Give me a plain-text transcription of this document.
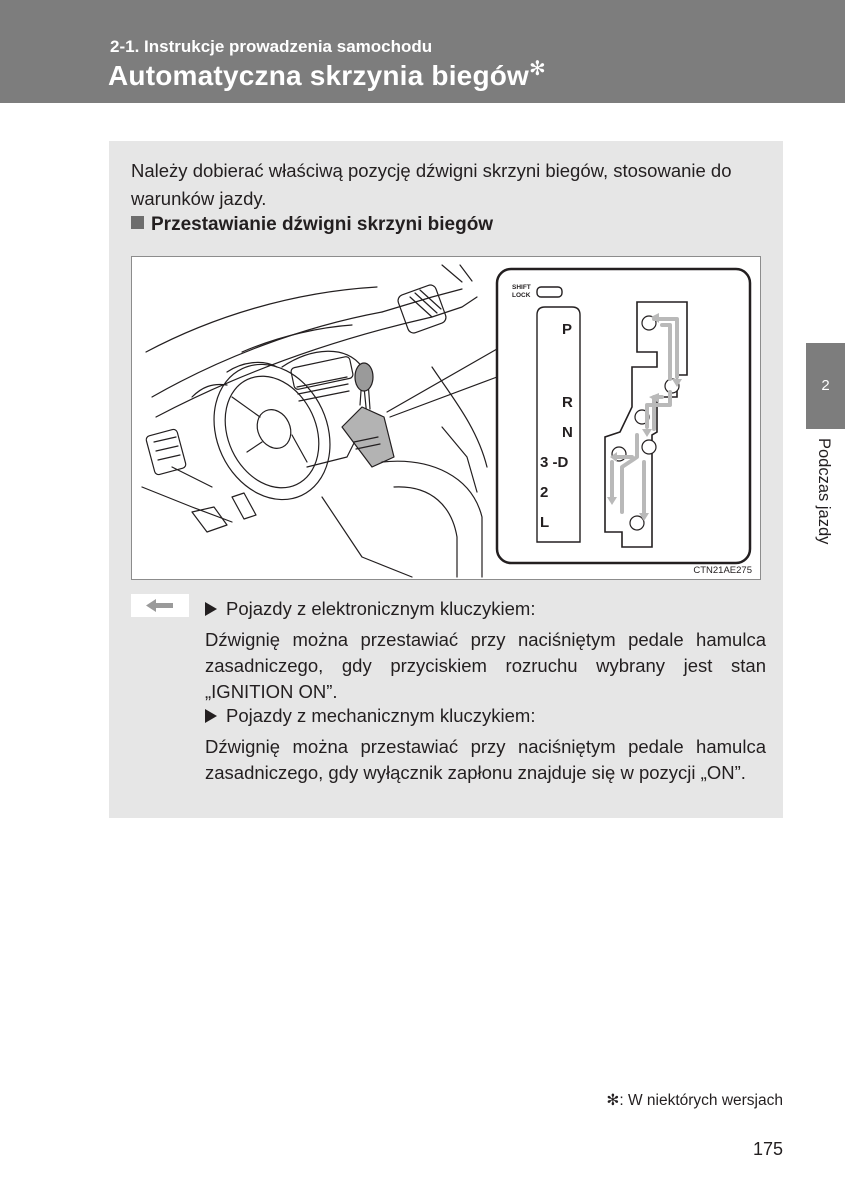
2-1. Instrukcje prowadzenia samochodu
Automatyczna skrzynia biegów✻
2
Podczas jazdy
Należy dobierać właściwą pozycję dźwigni skrzyni biegów, stosowanie do warunków jazdy.
Przestawianie dźwigni skrzyni biegów
SHIFT
LOCK
P
R
N
3 -D
2
L
CTN21AE275
Pojazdy z elektronicznym kluczykiem:
Dźwignię można przestawiać przy naciśniętym pedale hamulca zasadniczego, gdy przyciskiem rozruchu wybrany jest stan „IGNITION ON”.
Pojazdy z mechanicznym kluczykiem:
Dźwignię można przestawiać przy naciśniętym pedale hamulca zasadniczego, gdy wyłącznik zapłonu znajduje się w pozycji „ON”.
✻: W niektórych wersjach
175
